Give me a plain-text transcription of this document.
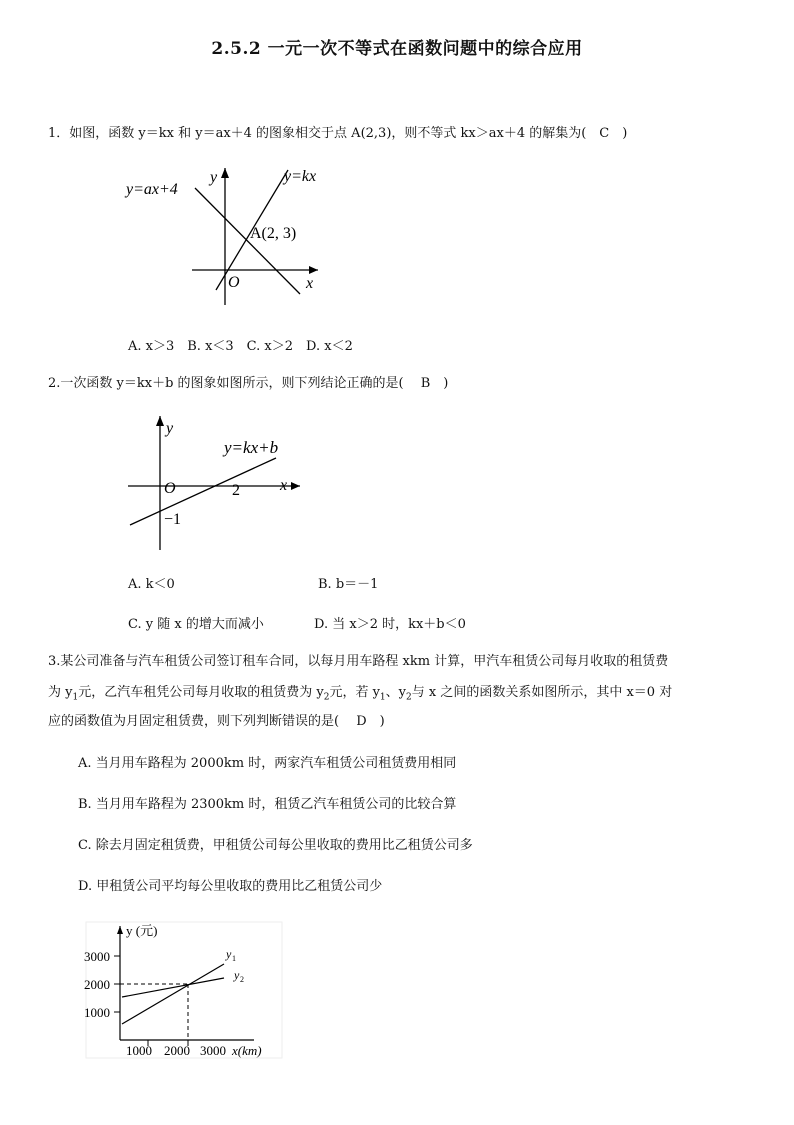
2.5.2 一元一次不等式在函数问题中的综合应用
1．如图，函数 y＝kx 和 y＝ax＋4 的图象相交于点 A(2,3)，则不等式 kx＞ax＋4 的解集为(　C　)
y=ax+4
y=kx
y
x
O
A(2, 3)
A. x＞3　B. x＜3　C. x＞2　D. x＜2
2.一次函数 y＝kx＋b 的图象如图所示，则下列结论正确的是(　 B　)
y
x
y=kx+b
O	2
−1
A. k＜0	B. b＝－1
C. y 随 x 的增大而减小	D. 当 x＞2 时，kx＋b＜0
3.某公司准备与汽车租赁公司签订租车合同，以每月用车路程 xkm 计算，甲汽车租赁公司每月收取的租赁费
为 $y_1$元，乙汽车租凭公司每月收取的租赁费为 $y_2$元，若 $y_1$、$y_2$与 x 之间的函数关系如图所示，其中 x＝0 对
应的函数值为月固定租赁费，则下列判断错误的是(　 D　)
A. 当月用车路程为 2000km 时，两家汽车租赁公司租赁费用相同
B. 当月用车路程为 2300km 时，租赁乙汽车租赁公司的比较合算
C. 除去月固定租赁费，甲租赁公司每公里收取的费用比乙租赁公司多
D. 甲租赁公司平均每公里收取的费用比乙租赁公司少
y (元)
3000
2000
1000
1000 2000 3000 x(km)
y 1
y 2
